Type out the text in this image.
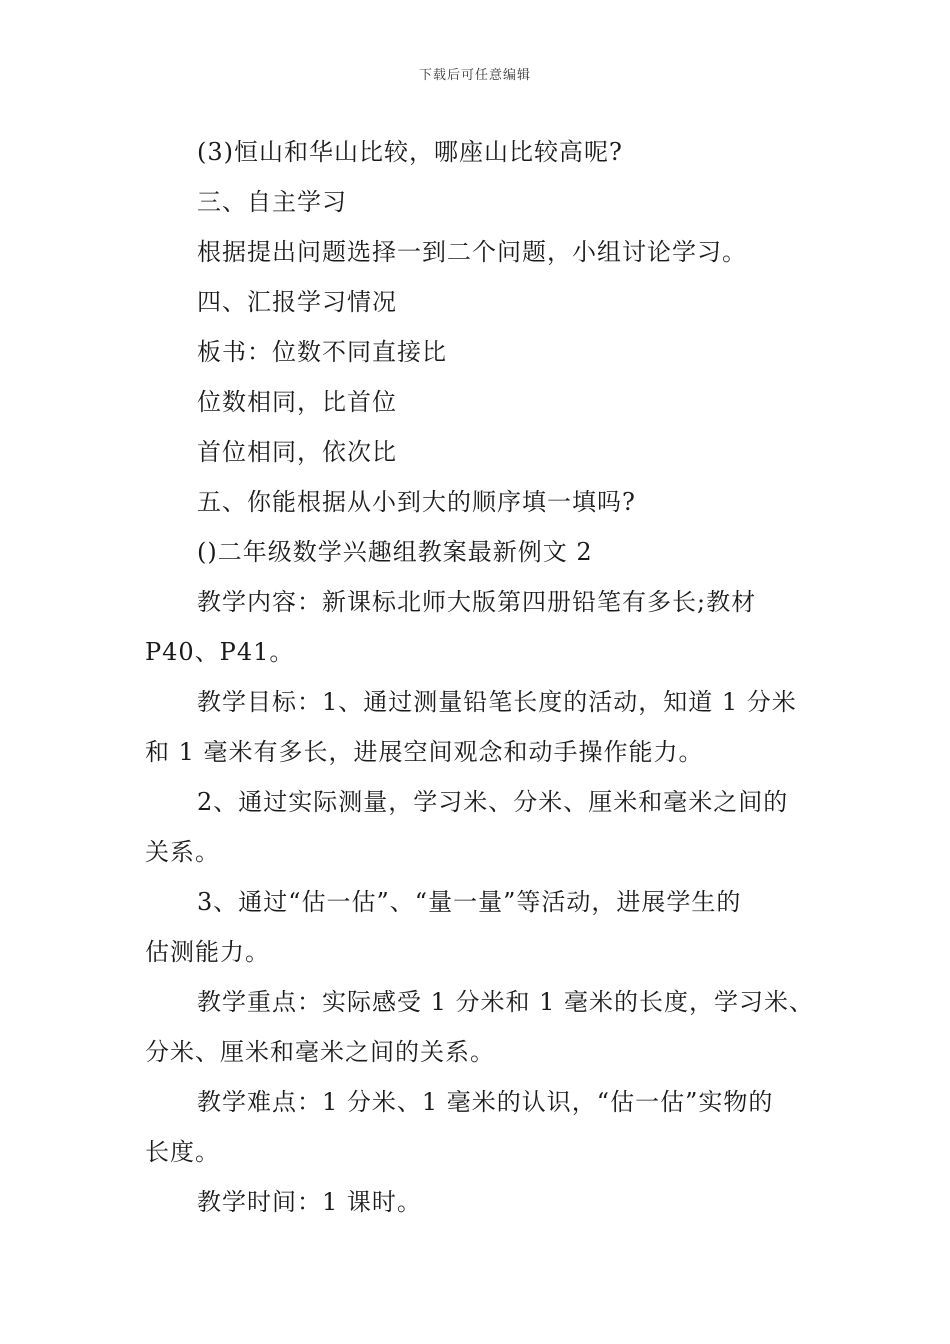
下载后可任意编辑
(3)恒山和华山比较，哪座山比较高呢?
三、自主学习
根据提出问题选择一到二个问题，小组讨论学习。
四、汇报学习情况
板书：位数不同直接比
位数相同，比首位
首位相同，依次比
五、你能根据从小到大的顺序填一填吗?
()二年级数学兴趣组教案最新例文 2
教学内容：新课标北师大版第四册铅笔有多长;教材
P40、P41。
教学目标：1、通过测量铅笔长度的活动，知道 1 分米
和 1 毫米有多长，进展空间观念和动手操作能力。
2、通过实际测量，学习米、分米、厘米和毫米之间的
关系。
3、通过“估一估”、“量一量”等活动，进展学生的
估测能力。
教学重点：实际感受 1 分米和 1 毫米的长度，学习米、
分米、厘米和毫米之间的关系。
教学难点：1 分米、1 毫米的认识，“估一估”实物的
长度。
教学时间：1 课时。
